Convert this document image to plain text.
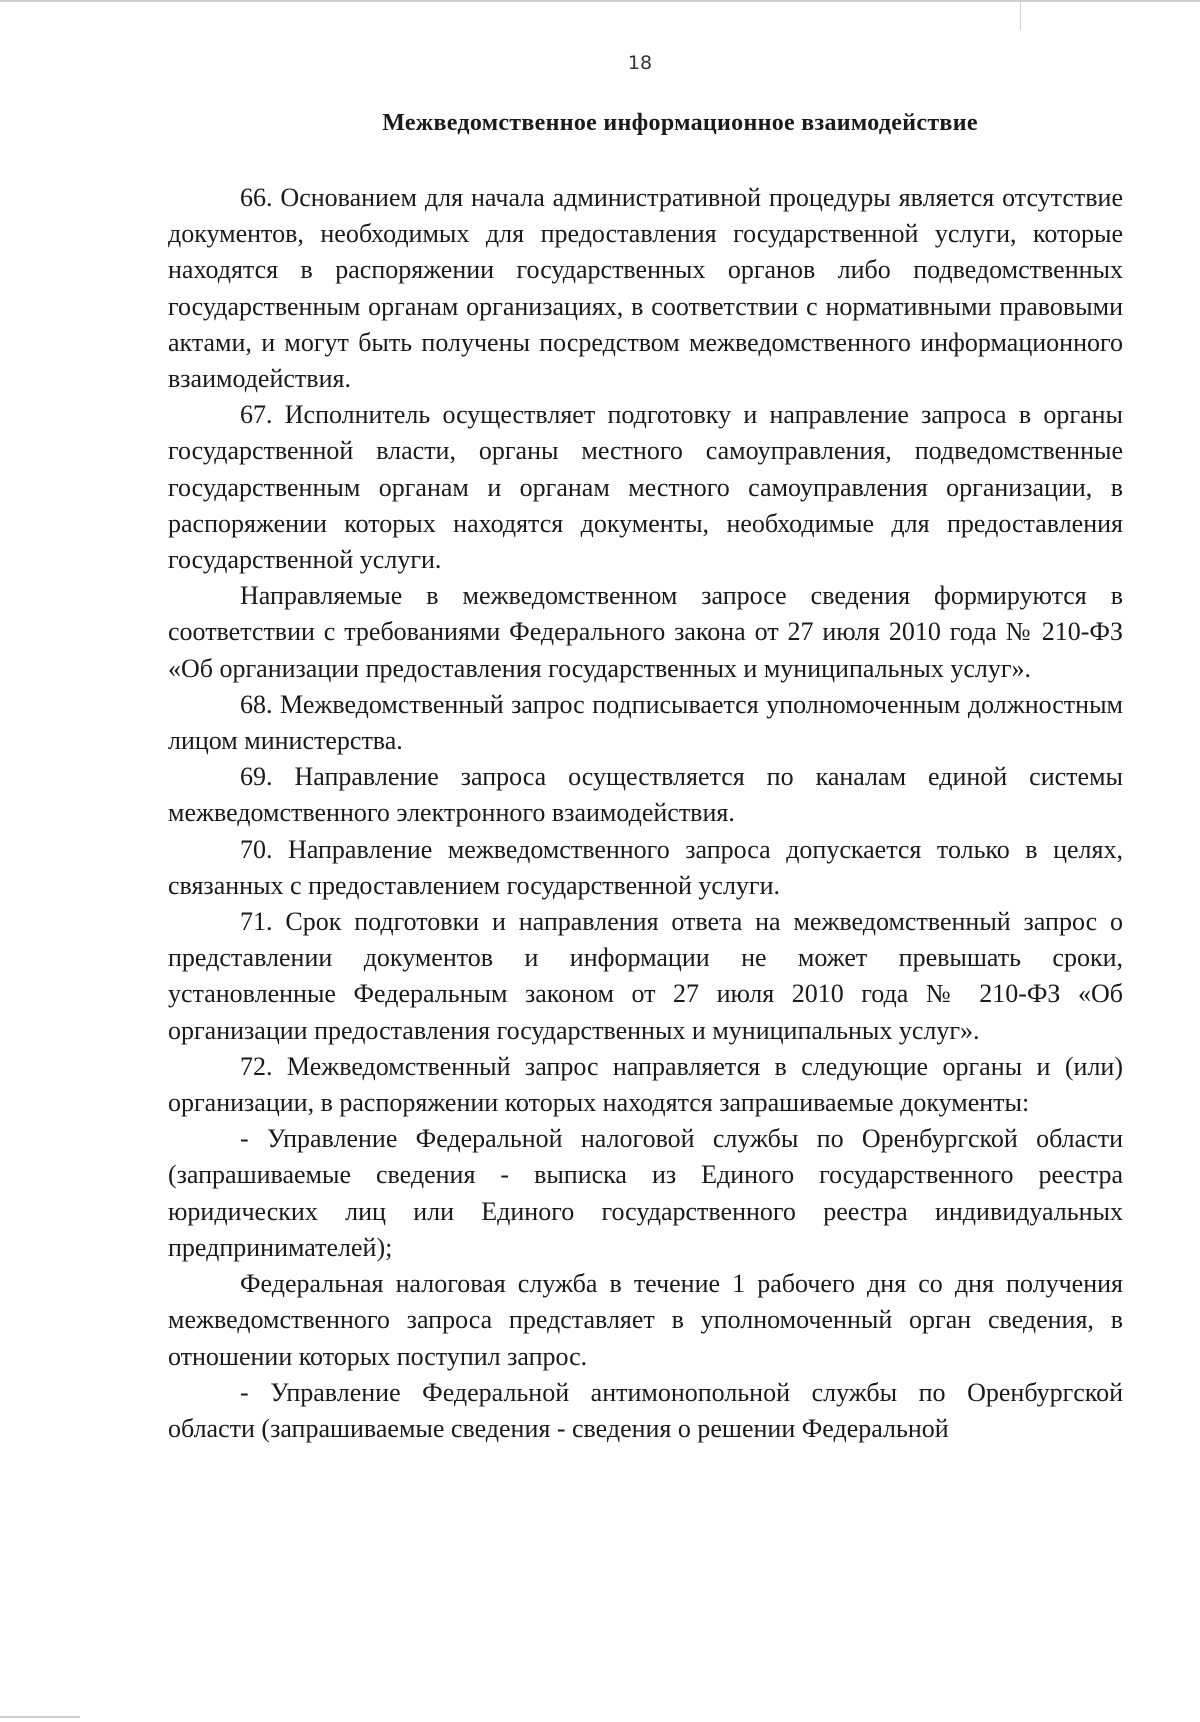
18
Межведомственное информационное взаимодействие

66. Основанием для начала административной процедуры является отсутствие документов, необходимых для предоставления государственной услуги, которые находятся в распоряжении государственных органов либо подведомственных государственным органам организациях, в соответствии с нормативными правовыми актами, и могут быть получены посредством межведомственного информационного взаимодействия.

67. Исполнитель осуществляет подготовку и направление запроса в органы государственной власти, органы местного самоуправления, подведомственные государственным органам и органам местного самоуправления организации, в распоряжении которых находятся документы, необходимые для предоставления государственной услуги.

Направляемые в межведомственном запросе сведения формируются в соответствии с требованиями Федерального закона от 27 июля 2010 года № 210-ФЗ «Об организации предоставления государственных и муниципальных услуг».

68. Межведомственный запрос подписывается уполномоченным должностным лицом министерства.

69. Направление запроса осуществляется по каналам единой системы межведомственного электронного взаимодействия.

70. Направление межведомственного запроса допускается только в целях, связанных с предоставлением государственной услуги.

71. Срок подготовки и направления ответа на межведомственный запрос о представлении документов и информации не может превышать сроки, установленные Федеральным законом от 27 июля 2010 года № 210-ФЗ «Об организации предоставления государственных и муниципальных услуг».

72. Межведомственный запрос направляется в следующие органы и (или) организации, в распоряжении которых находятся запрашиваемые документы:

- Управление Федеральной налоговой службы по Оренбургской области (запрашиваемые сведения - выписка из Единого государственного реестра юридических лиц или Единого государственного реестра индивидуальных предпринимателей);

Федеральная налоговая служба в течение 1 рабочего дня со дня получения межведомственного запроса представляет в уполномоченный орган сведения, в отношении которых поступил запрос.

- Управление Федеральной антимонопольной службы по Оренбургской области (запрашиваемые сведения - сведения о решении Федеральной
